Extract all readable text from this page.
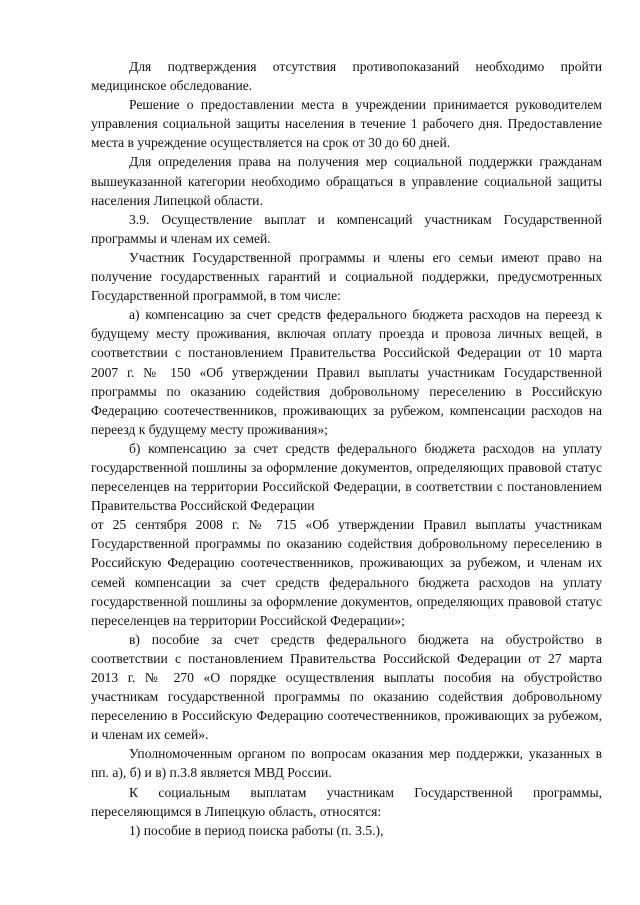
Для подтверждения отсутствия противопоказаний необходимо пройти медицинское обследование.

Решение о предоставлении места в учреждении принимается руководителем управления социальной защиты населения в течение 1 рабочего дня. Предоставление места в учреждение осуществляется на срок от 30 до 60 дней.

Для определения права на получения мер социальной поддержки гражданам вышеуказанной категории необходимо обращаться в управление социальной защиты населения Липецкой области.

3.9. Осуществление выплат и компенсаций участникам Государственной программы и членам их семей.

Участник Государственной программы и члены его семьи имеют право на получение государственных гарантий и социальной поддержки, предусмотренных Государственной программой, в том числе:

а) компенсацию за счет средств федерального бюджета расходов на переезд к будущему месту проживания, включая оплату проезда и провоза личных вещей, в соответствии с постановлением Правительства Российской Федерации от 10 марта 2007 г. № 150 «Об утверждении Правил выплаты участникам Государственной программы по оказанию содействия добровольному переселению в Российскую Федерацию соотечественников, проживающих за рубежом, компенсации расходов на переезд к будущему месту проживания»;

б) компенсацию за счет средств федерального бюджета расходов на уплату государственной пошлины за оформление документов, определяющих правовой статус переселенцев на территории Российской Федерации, в соответствии с постановлением Правительства Российской Федерации

от 25 сентября 2008 г. № 715 «Об утверждении Правил выплаты участникам Государственной программы по оказанию содействия добровольному переселению в Российскую Федерацию соотечественников, проживающих за рубежом, и членам их семей компенсации за счет средств федерального бюджета расходов на уплату государственной пошлины за оформление документов, определяющих правовой статус переселенцев на территории Российской Федерации»;

в) пособие за счет средств федерального бюджета на обустройство в соответствии с постановлением Правительства Российской Федерации от 27 марта 2013 г. № 270 «О порядке осуществления выплаты пособия на обустройство участникам государственной программы по оказанию содействия добровольному переселению в Российскую Федерацию соотечественников, проживающих за рубежом, и членам их семей».

Уполномоченным органом по вопросам оказания мер поддержки, указанных в пп. а), б) и в) п.3.8 является МВД России.

К социальным выплатам участникам Государственной программы, переселяющимся в Липецкую область, относятся:

1) пособие в период поиска работы (п. 3.5.),
